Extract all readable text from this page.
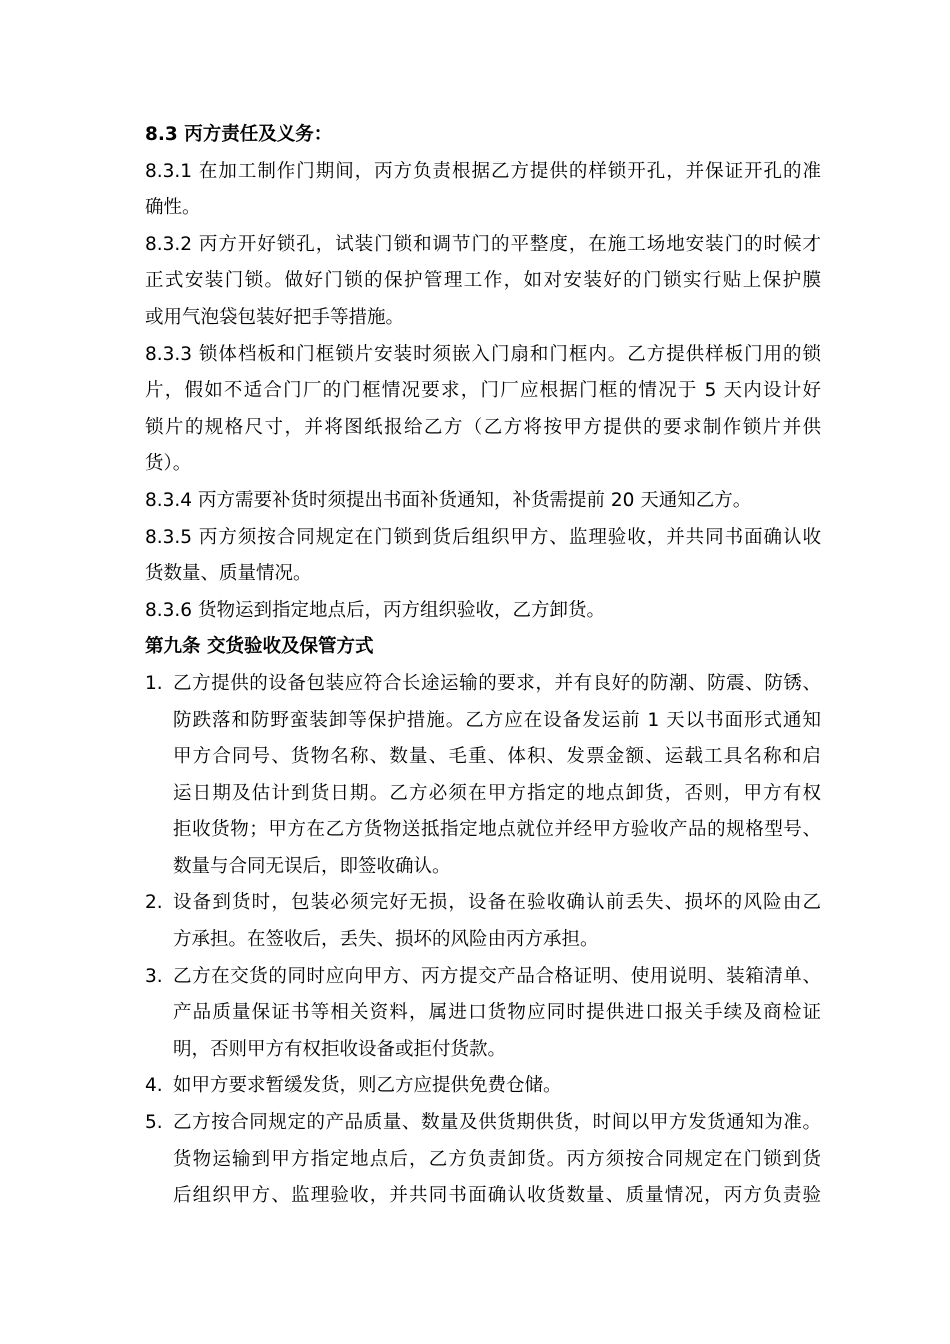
8.3 丙方责任及义务：
8.3.1 在加工制作门期间，丙方负责根据乙方提供的样锁开孔，并保证开孔的准
确性。
8.3.2 丙方开好锁孔，试装门锁和调节门的平整度，在施工场地安装门的时候才
正式安装门锁。做好门锁的保护管理工作，如对安装好的门锁实行贴上保护膜
或用气泡袋包装好把手等措施。
8.3.3 锁体档板和门框锁片安装时须嵌入门扇和门框内。乙方提供样板门用的锁
片，假如不适合门厂的门框情况要求，门厂应根据门框的情况于 5 天内设计好
锁片的规格尺寸，并将图纸报给乙方（乙方将按甲方提供的要求制作锁片并供
货）。
8.3.4 丙方需要补货时须提出书面补货通知，补货需提前 20 天通知乙方。
8.3.5 丙方须按合同规定在门锁到货后组织甲方、监理验收，并共同书面确认收
货数量、质量情况。
8.3.6 货物运到指定地点后，丙方组织验收，乙方卸货。
第九条 交货验收及保管方式
1. 乙方提供的设备包装应符合长途运输的要求，并有良好的防潮、防震、防锈、
防跌落和防野蛮装卸等保护措施。乙方应在设备发运前 1 天以书面形式通知
甲方合同号、货物名称、数量、毛重、体积、发票金额、运载工具名称和启
运日期及估计到货日期。乙方必须在甲方指定的地点卸货，否则，甲方有权
拒收货物；甲方在乙方货物送抵指定地点就位并经甲方验收产品的规格型号、
数量与合同无误后，即签收确认。
2. 设备到货时，包装必须完好无损，设备在验收确认前丢失、损坏的风险由乙
方承担。在签收后，丢失、损坏的风险由丙方承担。
3. 乙方在交货的同时应向甲方、丙方提交产品合格证明、使用说明、装箱清单、
产品质量保证书等相关资料，属进口货物应同时提供进口报关手续及商检证
明，否则甲方有权拒收设备或拒付货款。
4. 如甲方要求暂缓发货，则乙方应提供免费仓储。
5. 乙方按合同规定的产品质量、数量及供货期供货，时间以甲方发货通知为准。
货物运输到甲方指定地点后，乙方负责卸货。丙方须按合同规定在门锁到货
后组织甲方、监理验收，并共同书面确认收货数量、质量情况，丙方负责验
